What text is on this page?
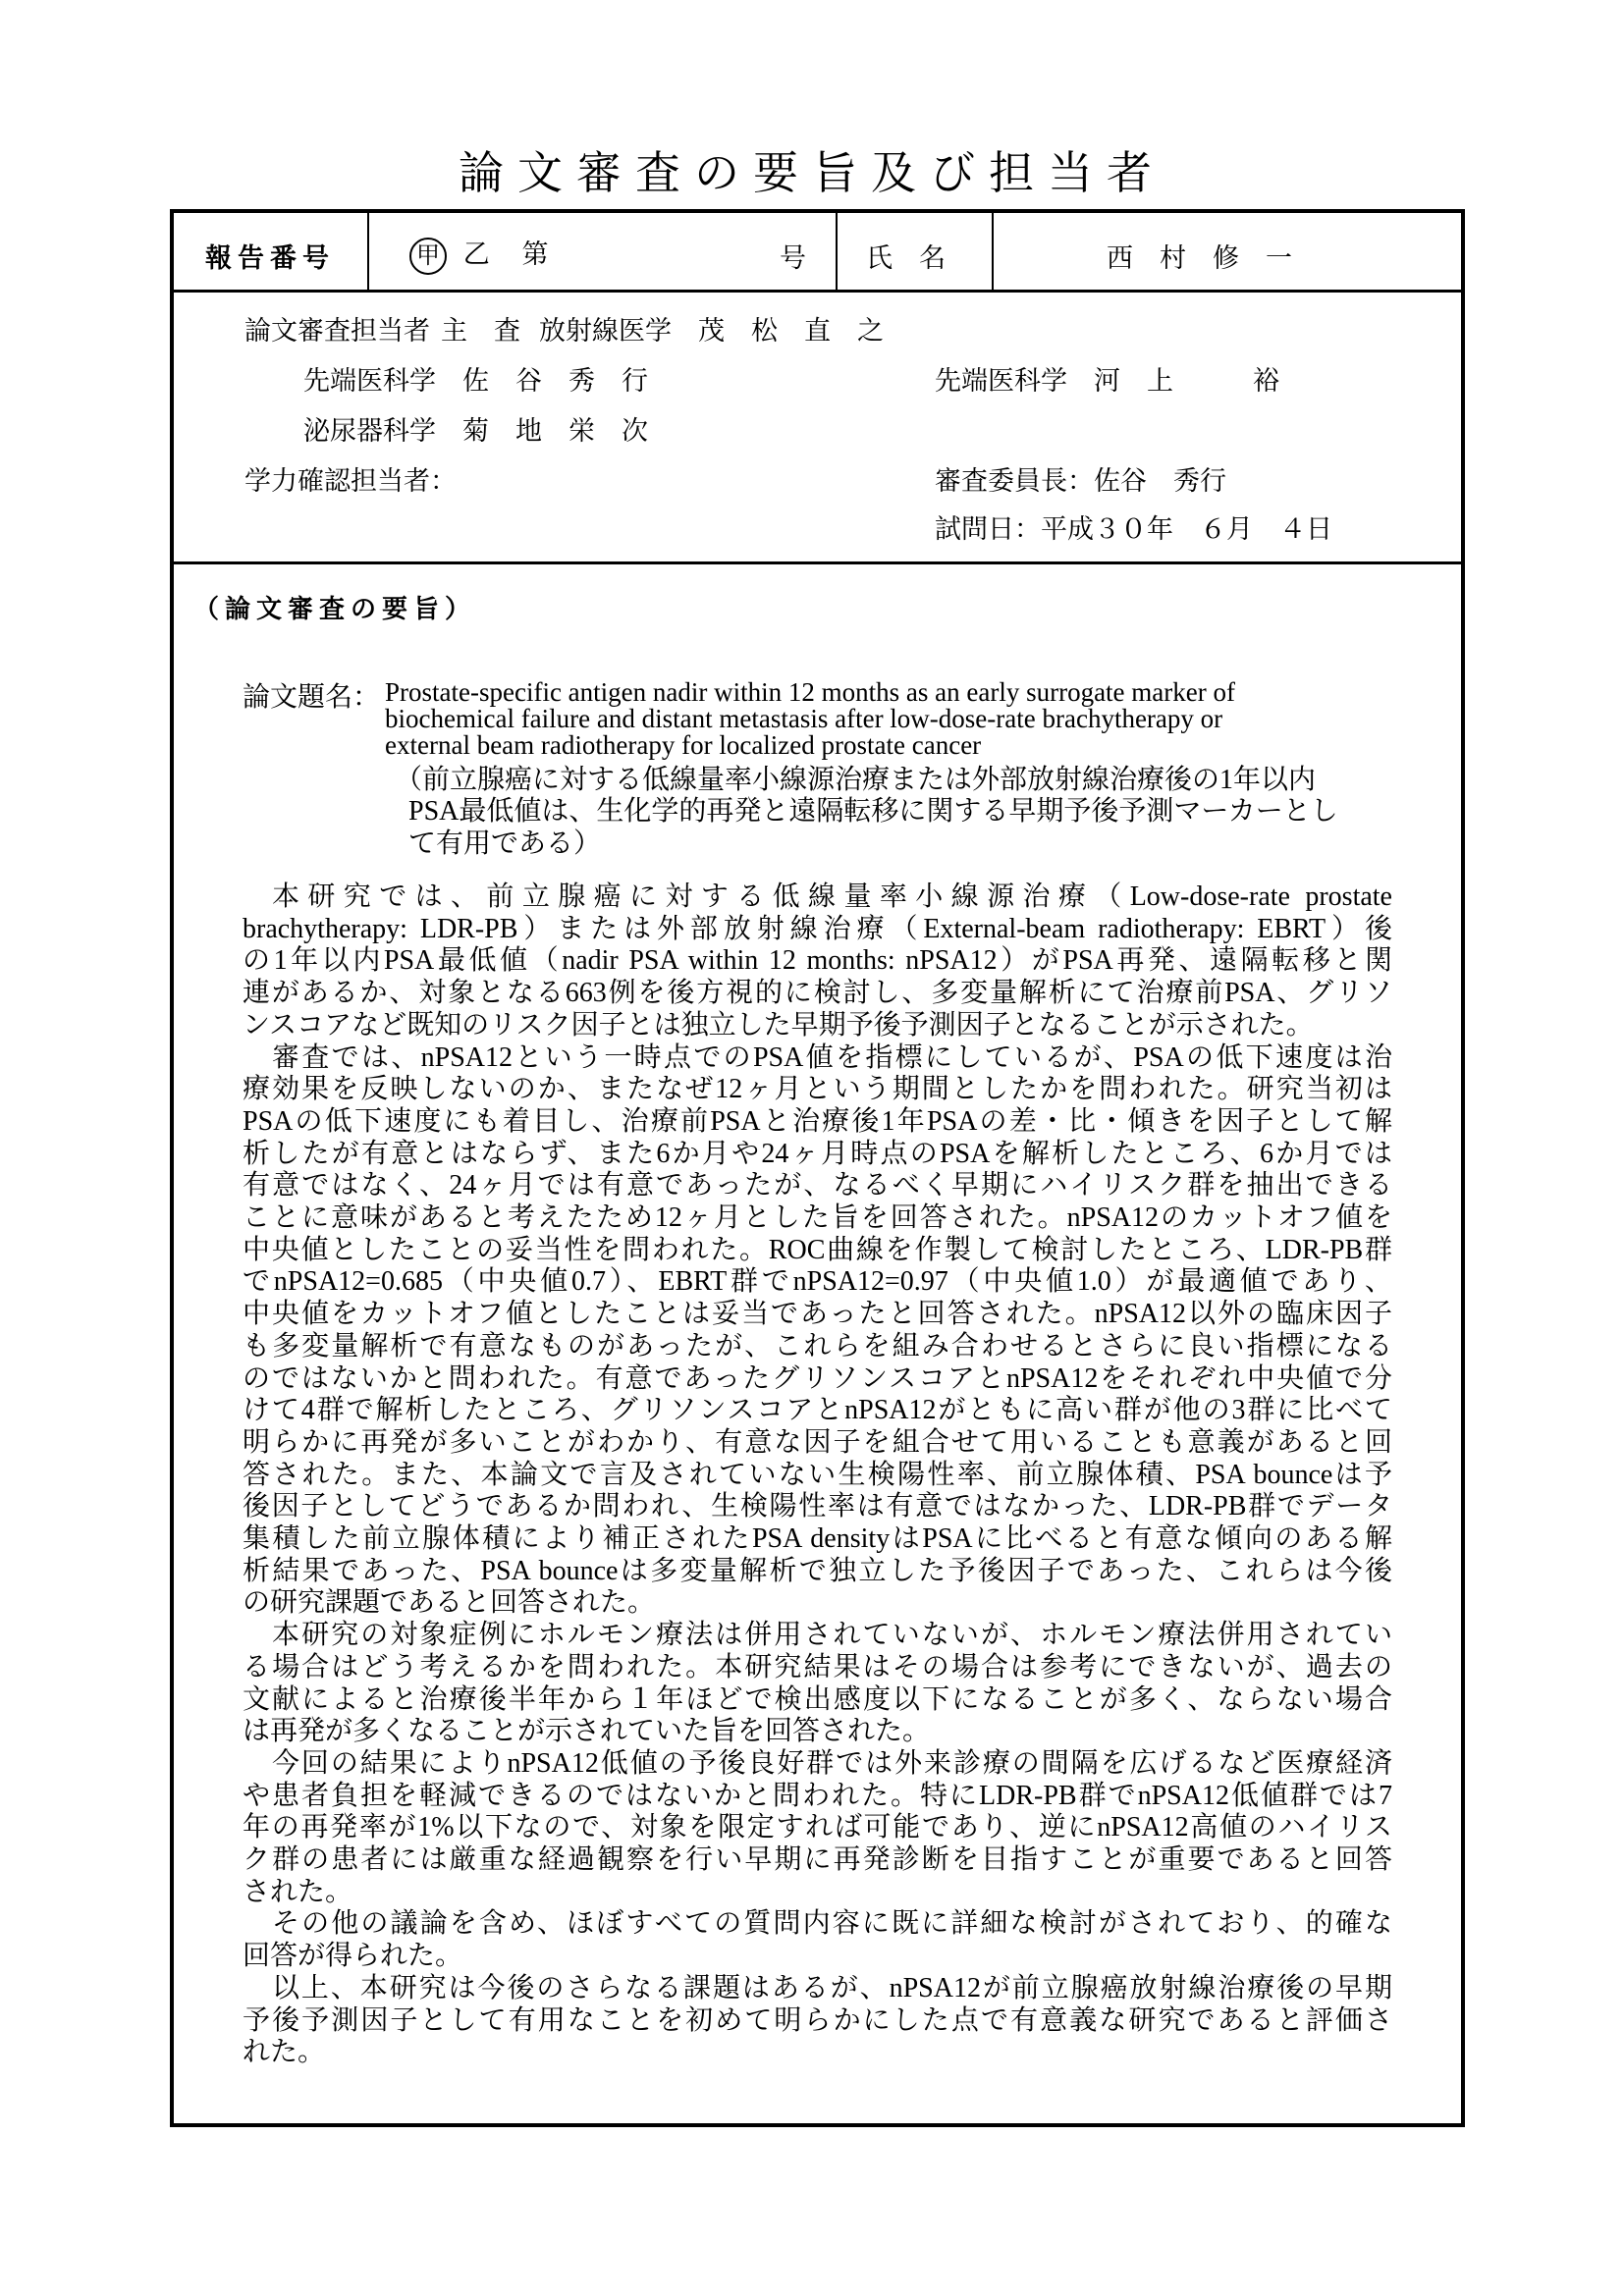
論文審査の要旨及び担当者
報告番号	甲 乙 第	号 氏　名	西　村　修　一
論文審査担当者 主　査 放射線医学　茂　松　直　之
先端医科学　佐　谷　秀　行	先端医科学　河　上　　　裕
泌尿器科学　菊　地　栄　次
学力確認担当者：	審査委員長：佐谷　秀行
試問日：平成３０年　６月　４日
（論文審査の要旨）
論文題名： Prostate-specific antigen nadir within 12 months as an early surrogate marker of
biochemical failure and distant metastasis after low-dose-rate brachytherapy or
external beam radiotherapy for localized prostate cancer
（前立腺癌に対する低線量率小線源治療または外部放射線治療後の1年以内
PSA最低値は、生化学的再発と遠隔転移に関する早期予後予測マーカーとし
て有用である）
本研究では、前立腺癌に対する低線量率小線源治療（Low-dose-rate prostate
brachytherapy: LDR-PB）または外部放射線治療（External-beam radiotherapy: EBRT）後
の1年以内PSA最低値（nadir PSA within 12 months: nPSA12）がPSA再発、遠隔転移と関
連があるか、対象となる663例を後方視的に検討し、多変量解析にて治療前PSA、グリソ
ンスコアなど既知のリスク因子とは独立した早期予後予測因子となることが示された。
審査では、nPSA12という一時点でのPSA値を指標にしているが、PSAの低下速度は治
療効果を反映しないのか、またなぜ12ヶ月という期間としたかを問われた。研究当初は
PSAの低下速度にも着目し、治療前PSAと治療後1年PSAの差・比・傾きを因子として解
析したが有意とはならず、また6か月や24ヶ月時点のPSAを解析したところ、6か月では
有意ではなく、24ヶ月では有意であったが、なるべく早期にハイリスク群を抽出できる
ことに意味があると考えたため12ヶ月とした旨を回答された。nPSA12のカットオフ値を
中央値としたことの妥当性を問われた。ROC曲線を作製して検討したところ、LDR-PB群
でnPSA12=0.685（中央値0.7）、EBRT群でnPSA12=0.97（中央値1.0）が最適値であり、
中央値をカットオフ値としたことは妥当であったと回答された。nPSA12以外の臨床因子
も多変量解析で有意なものがあったが、これらを組み合わせるとさらに良い指標になる
のではないかと問われた。有意であったグリソンスコアとnPSA12をそれぞれ中央値で分
けて4群で解析したところ、グリソンスコアとnPSA12がともに高い群が他の3群に比べて
明らかに再発が多いことがわかり、有意な因子を組合せて用いることも意義があると回
答された。また、本論文で言及されていない生検陽性率、前立腺体積、PSA bounceは予
後因子としてどうであるか問われ、生検陽性率は有意ではなかった、LDR-PB群でデータ
集積した前立腺体積により補正されたPSA densityはPSAに比べると有意な傾向のある解
析結果であった、PSA bounceは多変量解析で独立した予後因子であった、これらは今後
の研究課題であると回答された。
本研究の対象症例にホルモン療法は併用されていないが、ホルモン療法併用されてい
る場合はどう考えるかを問われた。本研究結果はその場合は参考にできないが、過去の
文献によると治療後半年から１年ほどで検出感度以下になることが多く、ならない場合
は再発が多くなることが示されていた旨を回答された。
今回の結果によりnPSA12低値の予後良好群では外来診療の間隔を広げるなど医療経済
や患者負担を軽減できるのではないかと問われた。特にLDR-PB群でnPSA12低値群では7
年の再発率が1%以下なので、対象を限定すれば可能であり、逆にnPSA12高値のハイリス
ク群の患者には厳重な経過観察を行い早期に再発診断を目指すことが重要であると回答
された。
その他の議論を含め、ほぼすべての質問内容に既に詳細な検討がされており、的確な
回答が得られた。
以上、本研究は今後のさらなる課題はあるが、nPSA12が前立腺癌放射線治療後の早期
予後予測因子として有用なことを初めて明らかにした点で有意義な研究であると評価さ
れた。
